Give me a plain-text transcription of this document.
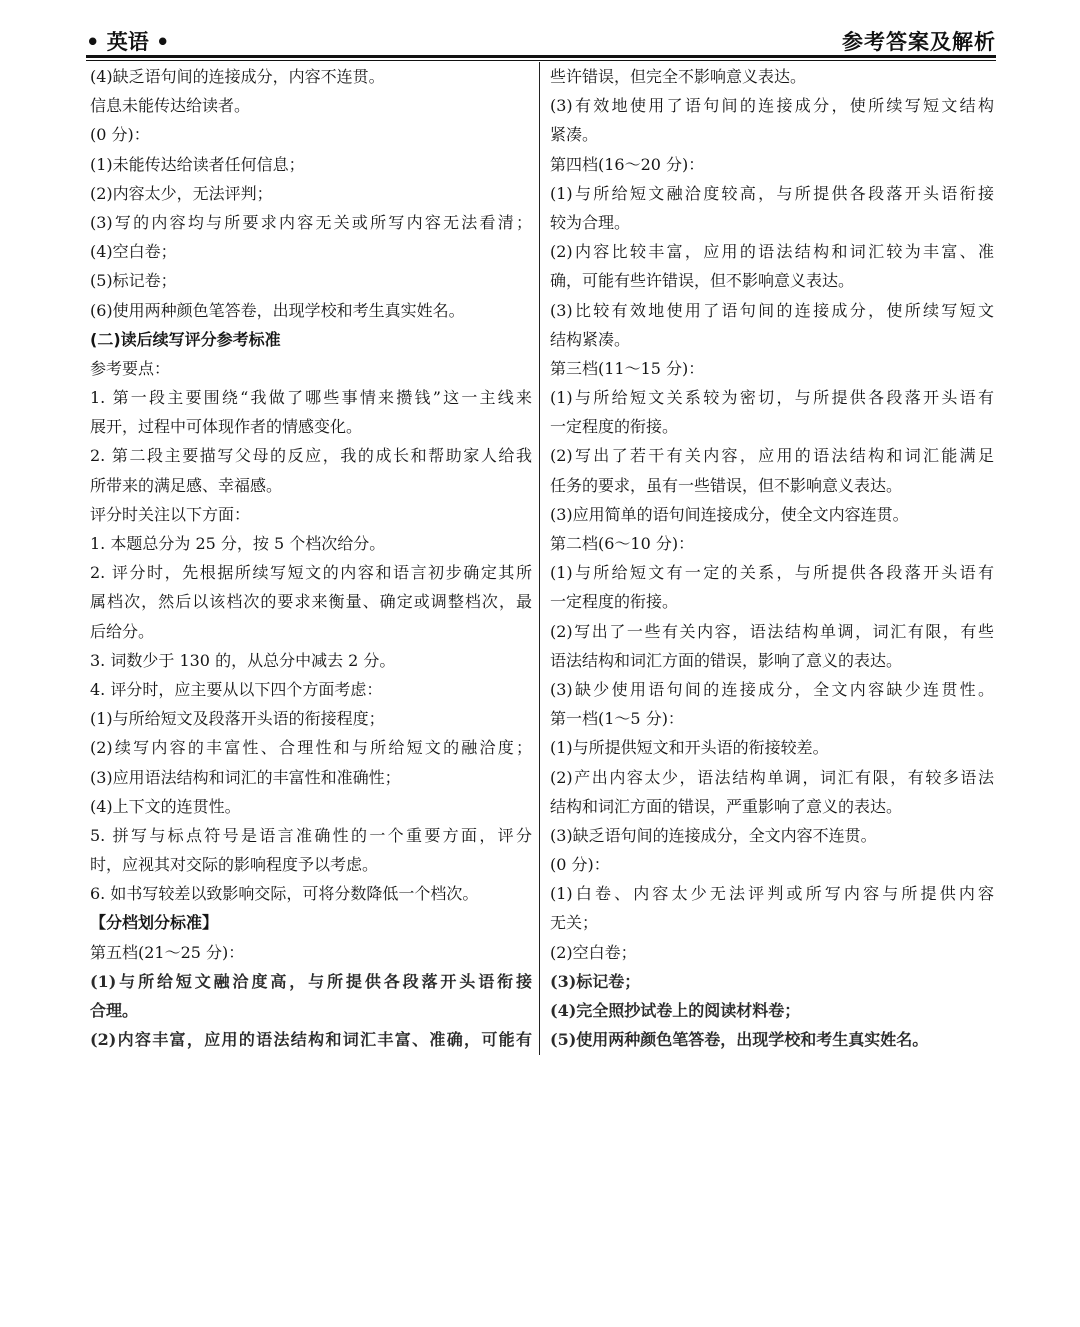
• 英语 •	参考答案及解析
(4)缺乏语句间的连接成分，内容不连贯。
信息未能传达给读者。
(0 分)：
(1)未能传达给读者任何信息；
(2)内容太少，无法评判；
(3)写的内容均与所要求内容无关或所写内容无法看清；
(4)空白卷；
(5)标记卷；
(6)使用两种颜色笔答卷，出现学校和考生真实姓名。
(二)读后续写评分参考标准
参考要点：
1. 第一段主要围绕“我做了哪些事情来攒钱”这一主线来
展开，过程中可体现作者的情感变化。
2. 第二段主要描写父母的反应，我的成长和帮助家人给我
所带来的满足感、幸福感。
评分时关注以下方面：
1. 本题总分为 25 分，按 5 个档次给分。
2. 评分时，先根据所续写短文的内容和语言初步确定其所
属档次，然后以该档次的要求来衡量、确定或调整档次，最
后给分。
3. 词数少于 130 的，从总分中减去 2 分。
4. 评分时，应主要从以下四个方面考虑：
(1)与所给短文及段落开头语的衔接程度；
(2)续写内容的丰富性、合理性和与所给短文的融洽度；
(3)应用语法结构和词汇的丰富性和准确性；
(4)上下文的连贯性。
5. 拼写与标点符号是语言准确性的一个重要方面，评分
时，应视其对交际的影响程度予以考虑。
6. 如书写较差以致影响交际，可将分数降低一个档次。
【分档划分标准】
第五档(21～25 分)：
(1)与所给短文融洽度高，与所提供各段落开头语衔接
合理。
(2)内容丰富，应用的语法结构和词汇丰富、准确，可能有
些许错误，但完全不影响意义表达。
(3)有效地使用了语句间的连接成分，使所续写短文结构
紧凑。
第四档(16～20 分)：
(1)与所给短文融洽度较高，与所提供各段落开头语衔接
较为合理。
(2)内容比较丰富，应用的语法结构和词汇较为丰富、准
确，可能有些许错误，但不影响意义表达。
(3)比较有效地使用了语句间的连接成分，使所续写短文
结构紧凑。
第三档(11～15 分)：
(1)与所给短文关系较为密切，与所提供各段落开头语有
一定程度的衔接。
(2)写出了若干有关内容，应用的语法结构和词汇能满足
任务的要求，虽有一些错误，但不影响意义表达。
(3)应用简单的语句间连接成分，使全文内容连贯。
第二档(6～10 分)：
(1)与所给短文有一定的关系，与所提供各段落开头语有
一定程度的衔接。
(2)写出了一些有关内容，语法结构单调，词汇有限，有些
语法结构和词汇方面的错误，影响了意义的表达。
(3)缺少使用语句间的连接成分，全文内容缺少连贯性。
第一档(1～5 分)：
(1)与所提供短文和开头语的衔接较差。
(2)产出内容太少，语法结构单调，词汇有限，有较多语法
结构和词汇方面的错误，严重影响了意义的表达。
(3)缺乏语句间的连接成分，全文内容不连贯。
(0 分)：
(1)白卷、内容太少无法评判或所写内容与所提供内容
无关；
(2)空白卷；
(3)标记卷；
(4)完全照抄试卷上的阅读材料卷；
(5)使用两种颜色笔答卷，出现学校和考生真实姓名。
